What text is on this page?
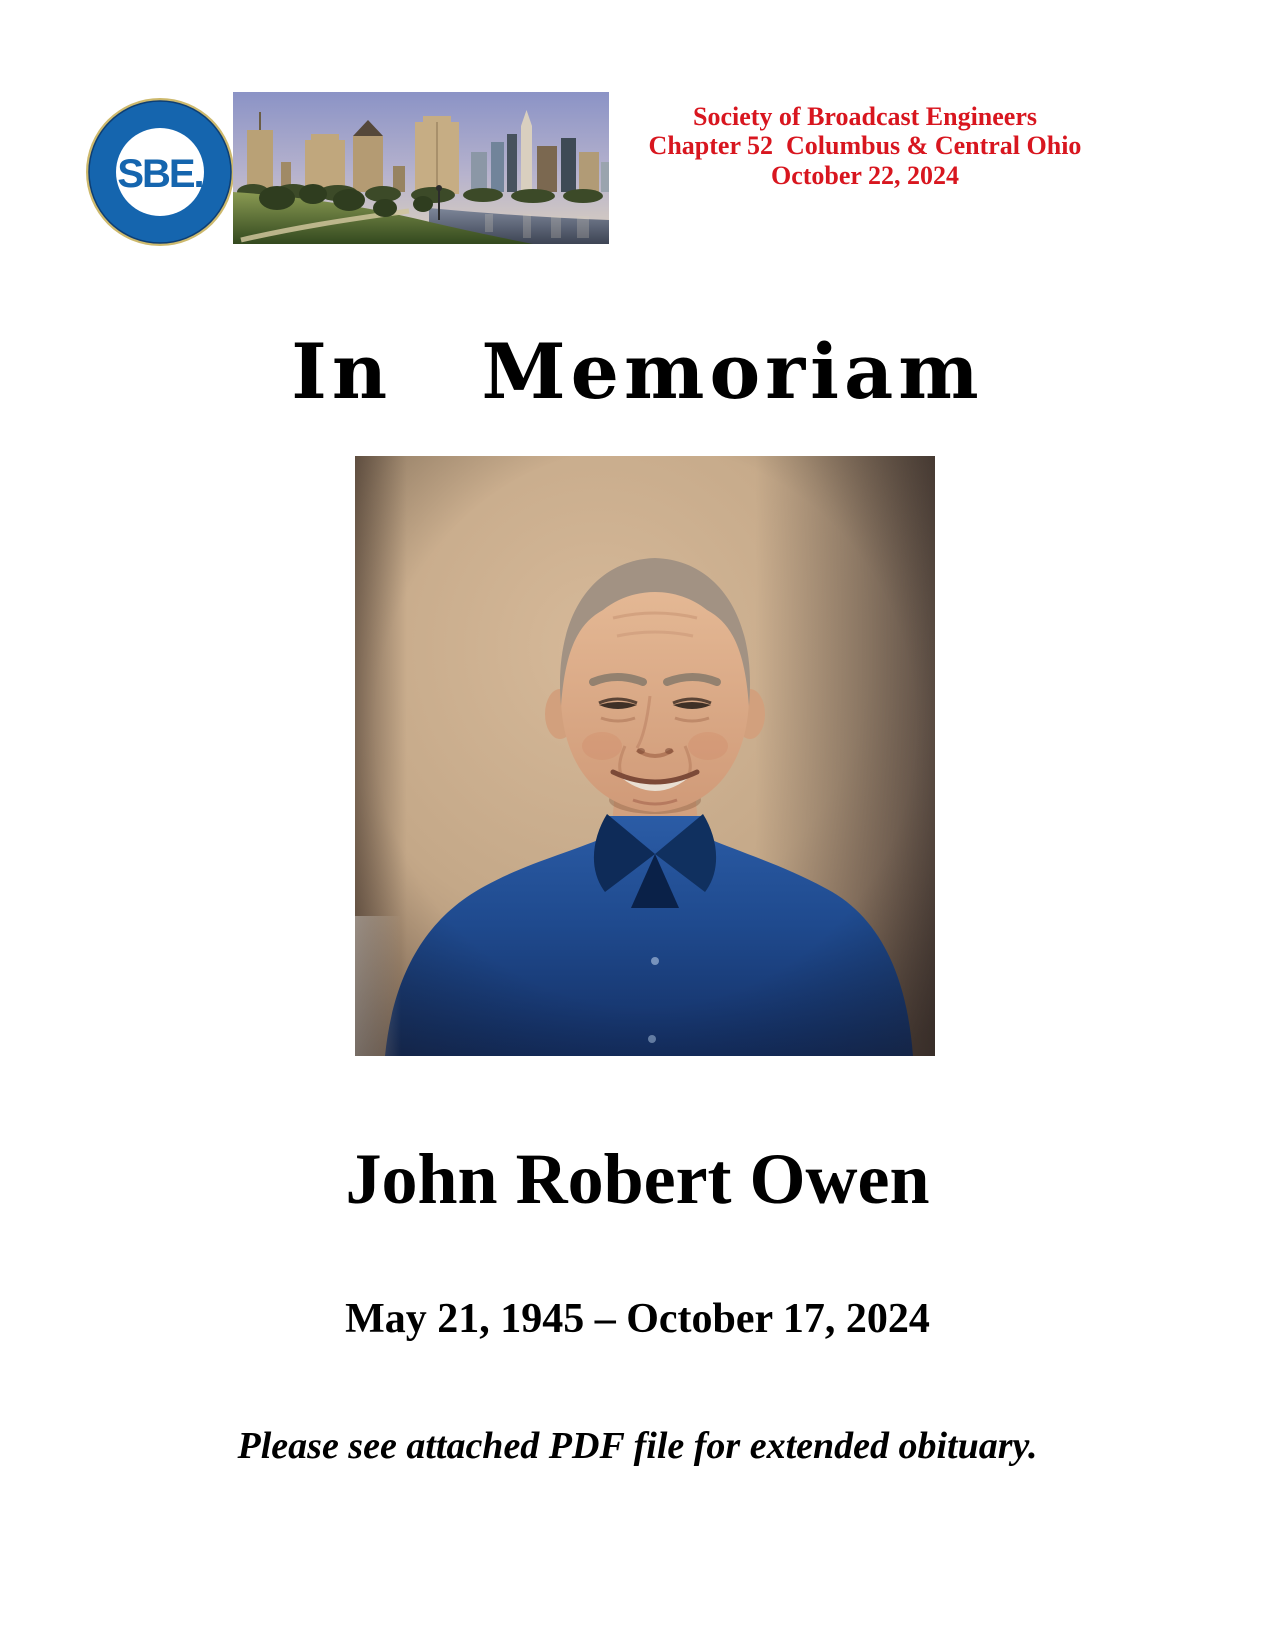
SBE.
Society of Broadcast Engineers
Chapter 52  Columbus & Central Ohio
October 22, 2024
In Memoriam
John Robert Owen
May 21, 1945 – October 17, 2024
Please see attached PDF file for extended obituary.
